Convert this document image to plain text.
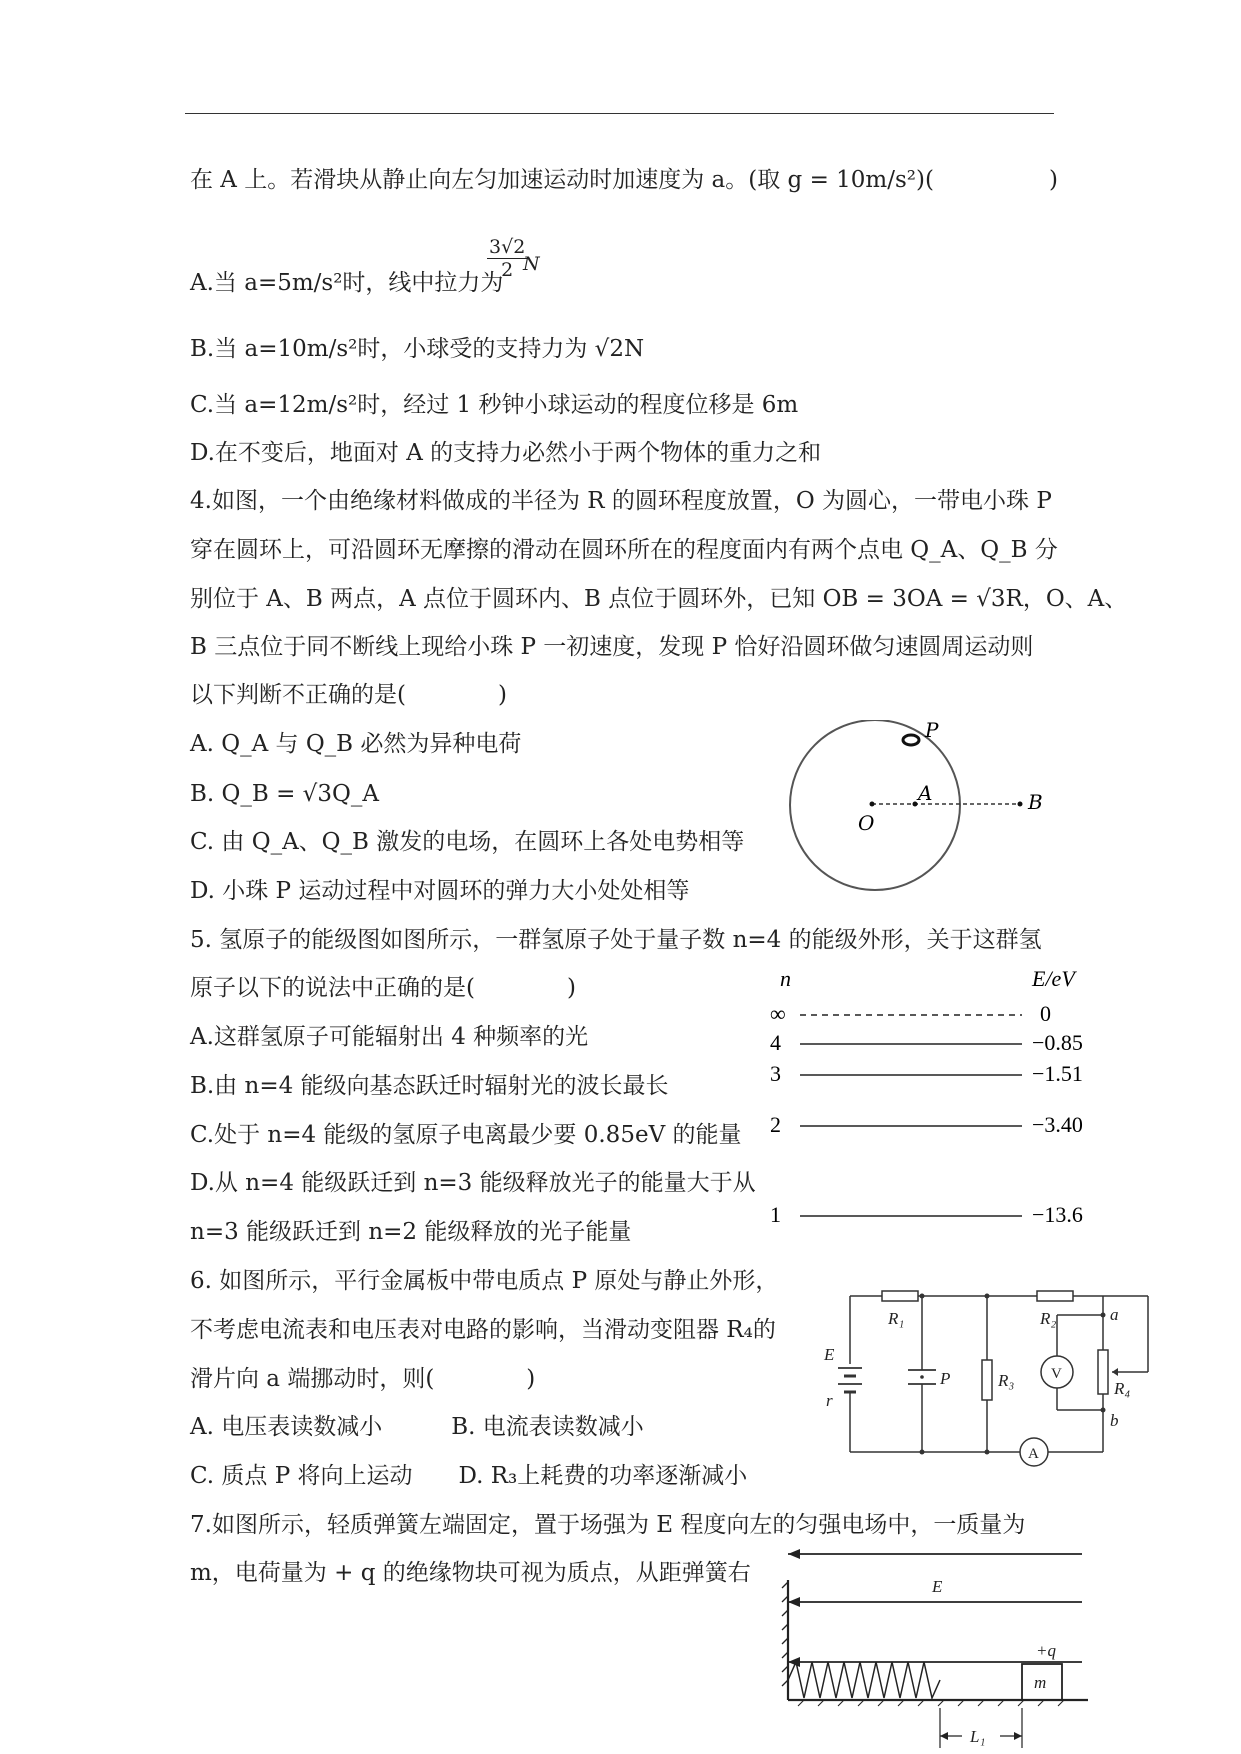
在 A 上。若滑块从静止向左匀加速运动时加速度为 a。(取 g = 10m/s²)(　　　　　)
A.当 a=5m/s²时，线中拉力为
$\frac{3√2}{2}$
N
B.当 a=10m/s²时，小球受的支持力为 √2N
C.当 a=12m/s²时，经过 1 秒钟小球运动的程度位移是 6m
D.在不变后，地面对 A 的支持力必然小于两个物体的重力之和
4.如图，一个由绝缘材料做成的半径为 R 的圆环程度放置，O 为圆心，一带电小珠 P
穿在圆环上，可沿圆环无摩擦的滑动在圆环所在的程度面内有两个点电 Q_A、Q_B 分
别位于 A、B 两点，A 点位于圆环内、B 点位于圆环外，已知 OB = 3OA = √3R，O、A、
B 三点位于同不断线上现给小珠 P 一初速度，发现 P 恰好沿圆环做匀速圆周运动则
以下判断不正确的是(　　　　)
A. Q_A 与 Q_B 必然为异种电荷
B. Q_B = √3Q_A
C. 由 Q_A、Q_B 激发的电场，在圆环上各处电势相等
D. 小珠 P 运动过程中对圆环的弹力大小处处相等
5. 氢原子的能级图如图所示，一群氢原子处于量子数 n=4 的能级外形，关于这群氢
原子以下的说法中正确的是(　　　　)
A.这群氢原子可能辐射出 4 种频率的光
B.由 n=4 能级向基态跃迁时辐射光的波长最长
C.处于 n=4 能级的氢原子电离最少要 0.85eV 的能量
D.从 n=4 能级跃迁到 n=3 能级释放光子的能量大于从
n=3 能级跃迁到 n=2 能级释放的光子能量
6. 如图所示，平行金属板中带电质点 P 原处与静止外形，
不考虑电流表和电压表对电路的影响，当滑动变阻器 R₄的
滑片向 a 端挪动时，则(　　　　)
A. 电压表读数减小　　　B. 电流表读数减小
C. 质点 P 将向上运动　　D. R₃上耗费的功率逐渐减小
7.如图所示，轻质弹簧左端固定，置于场强为 E 程度向左的匀强电场中，一质量为
m，电荷量为 + q 的绝缘物块可视为质点，从距弹簧右
P
O
A	B
n	E/eV
∞	0
4	−0.85
3	−1.51
2	−3.40
1	−13.6
E
r
R₁	R₂
R₃	R₄
P
a
b
V
A
E
+q
m
L₁
